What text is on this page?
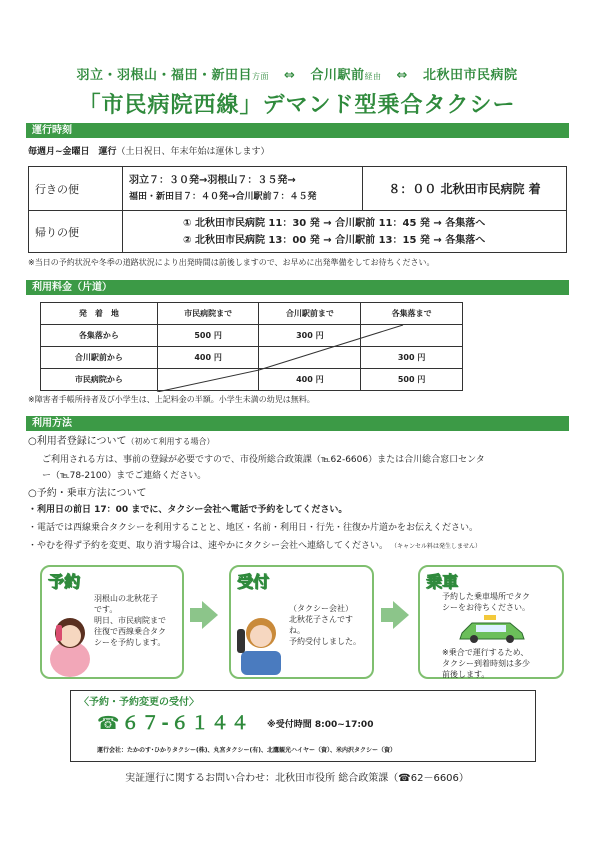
羽立・羽根山・福田・新田目方面 ⇔ 合川駅前経由 ⇔ 北秋田市民病院
「市民病院西線」デマンド型乗合タクシー
運行時刻
毎週月~金曜日　運行（土日祝日、年末年始は運休します）
行きの便	羽立７：３０発→羽根山７：３５発→
福田・新田目７：４０発→合川駅前７：４５発	８：００ 北秋田市民病院 着
帰りの便	① 北秋田市民病院 11：30 発 → 合川駅前 11：45 発 → 各集落へ
② 北秋田市民病院 13：00 発 → 合川駅前 13：15 発 → 各集落へ	
※当日の予約状況や冬季の道路状況により出発時間は前後しますので、お早めに出発準備をしてお待ちください。
利用料金（片道）
発　着　地	市民病院まで	合川駅前まで	各集落まで
各集落から	500 円	300 円	
合川駅前から	400 円		300 円
市民病院から		400 円	500 円
※障害者手帳所持者及び小学生は、上記料金の半額。小学生未満の幼児は無料。
利用方法
○利用者登録について（初めて利用する場合）
ご利用される方は、事前の登録が必要ですので、市役所総合政策課（℡62-6606）または合川総合窓口センタ
ー（℡78-2100）までご連絡ください。
○予約・乗車方法について
・利用日の前日 17：00 までに、タクシー会社へ電話で予約をしてください。
・電話では西線乗合タクシーを利用することと、地区・名前・利用日・行先・往復か片道かをお伝えください。
・やむを得ず予約を変更、取り消す場合は、速やかにタクシー会社へ連絡してください。 （キャンセル料は発生しません）
予約
羽根山の北秋花子
です。
明日、市民病院まで
往復で西線乗合タク
シーを予約します。
受付
（タクシー会社）
北秋花子さんです
ね。
予約受付しました。
乗車
予約した乗車場所でタク
シーをお待ちください。
※乗合で運行するため、
タクシー到着時刻は多少
前後します。
〈予約・予約変更の受付〉
☎６７-６１４４ ※受付時間 8:00~17:00
運行会社：たかのす･ひかりタクシー(株)、丸宮タクシー(有)、北鷹観光ハイヤー（資）、米内沢タクシー（資）
実証運行に関するお問い合わせ：北秋田市役所 総合政策課（☎62－6606）
